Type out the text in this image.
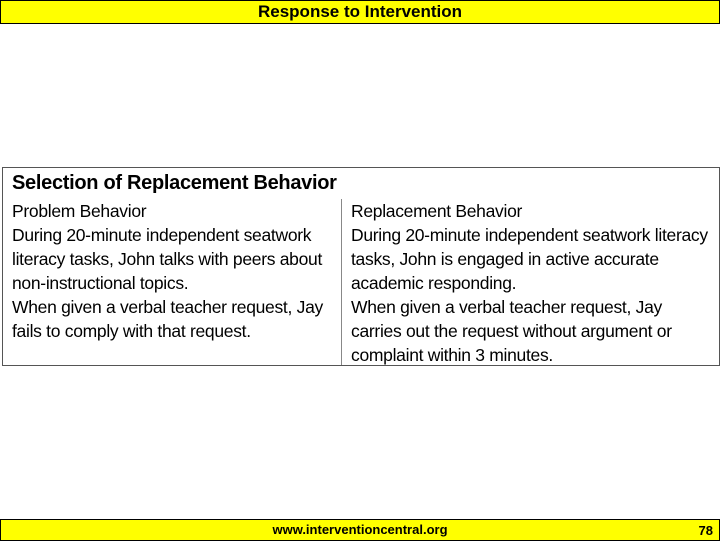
Response to Intervention
Selection of Replacement Behavior
Problem Behavior
During 20-minute independent seatwork
literacy tasks, John talks with peers about
non-instructional topics.
When given a verbal teacher request, Jay
fails to comply with that request.
Replacement Behavior
During 20-minute independent seatwork literacy
tasks, John is engaged in active accurate
academic responding.
When given a verbal teacher request, Jay
carries out the request without argument or
complaint within 3 minutes.
www.interventioncentral.org	78
